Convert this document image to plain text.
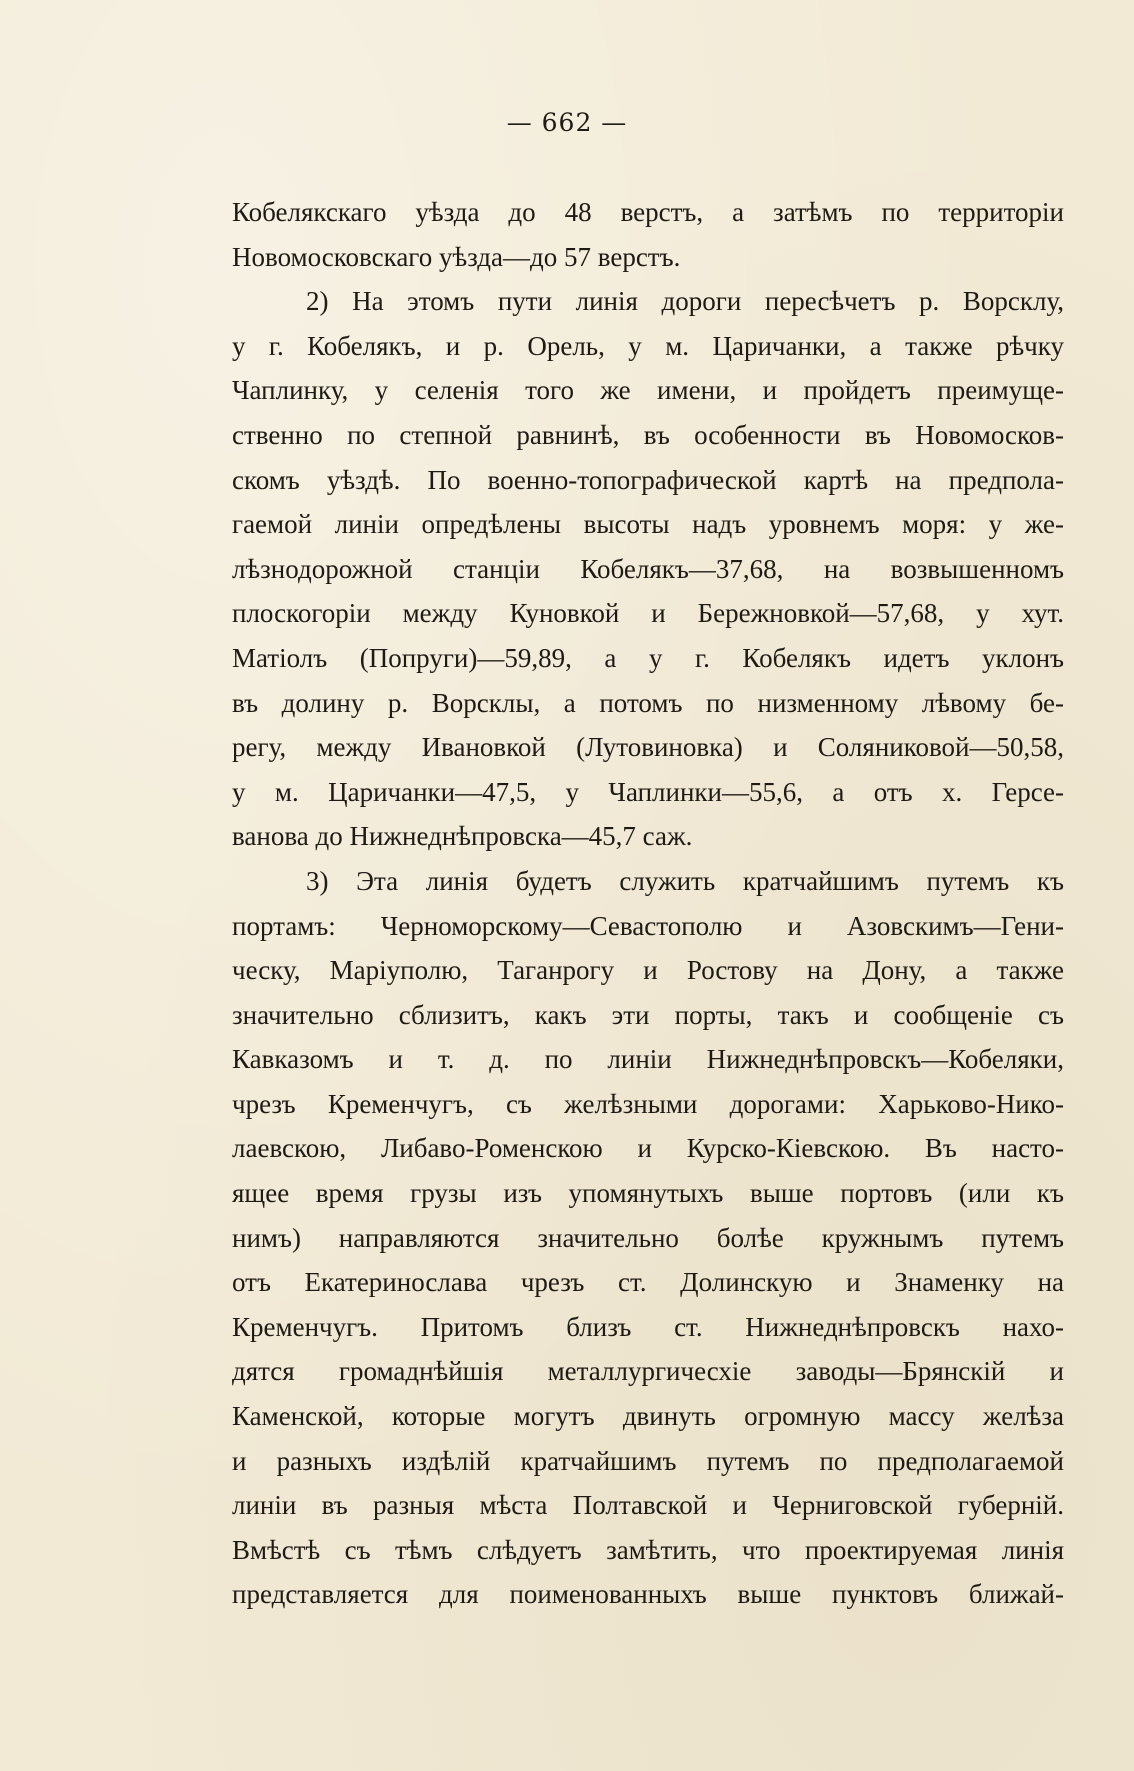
— 662 —
Кобелякскаго уѣзда до 48 верстъ, а затѣмъ по территоріи
Новомосковскаго уѣзда—до 57 верстъ.
2) На этомъ пути линія дороги пересѣчетъ р. Ворсклу,
у г. Кобелякъ, и р. Орель, у м. Царичанки, а также рѣчку
Чаплинку, у селенія того же имени, и пройдетъ преимуще-
ственно по степной равнинѣ, въ особенности въ Новомосков-
скомъ уѣздѣ. По военно-топографической картѣ на предпола-
гаемой линіи опредѣлены высоты надъ уровнемъ моря: у же-
лѣзнодорожной станціи Кобелякъ—37,68, на возвышенномъ
плоскогоріи между Куновкой и Бережновкой—57,68, у хут.
Матіолъ (Попруги)—59,89, а у г. Кобелякъ идетъ уклонъ
въ долину р. Ворсклы, а потомъ по низменному лѣвому бе-
регу, между Ивановкой (Лутовиновка) и Соляниковой—50,58,
у м. Царичанки—47,5, у Чаплинки—55,6, а отъ х. Герсе-
ванова до Нижнеднѣпровска—45,7 саж.
3) Эта линія будетъ служить кратчайшимъ путемъ къ
портамъ: Черноморскому—Севастополю и Азовскимъ—Гени-
ческу, Маріуполю, Таганрогу и Ростову на Дону, а также
значительно сблизитъ, какъ эти порты, такъ и сообщеніе съ
Кавказомъ и т. д. по линіи Нижнеднѣпровскъ—Кобеляки,
чрезъ Кременчугъ, съ желѣзными дорогами: Харьково-Нико-
лаевскою, Либаво-Роменскою и Курско-Кіевскою. Въ насто-
ящее время грузы изъ упомянутыхъ выше портовъ (или къ
нимъ) направляются значительно болѣе кружнымъ путемъ
отъ Екатеринослава чрезъ ст. Долинскую и Знаменку на
Кременчугъ. Притомъ близъ ст. Нижнеднѣпровскъ нахо-
дятся громаднѣйшія металлургичесхіе заводы—Брянскій и
Каменской, которые могутъ двинуть огромную массу желѣза
и разныхъ издѣлій кратчайшимъ путемъ по предполагаемой
линіи въ разныя мѣста Полтавской и Черниговской губерній.
Вмѣстѣ съ тѣмъ слѣдуетъ замѣтить, что проектируемая линія
представляется для поименованныхъ выше пунктовъ ближай-
